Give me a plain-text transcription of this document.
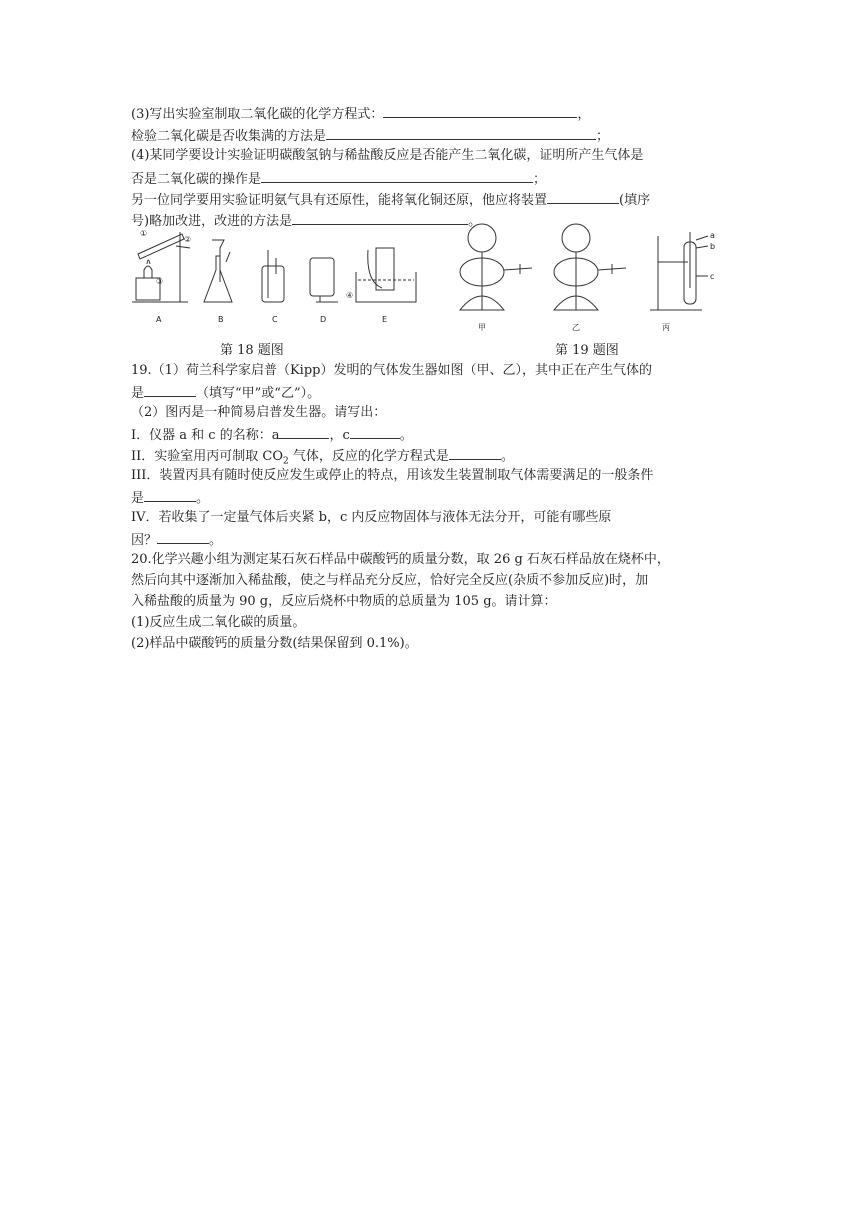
(3)写出实验室制取二氧化碳的化学方程式：	，
检验二氧化碳是否收集满的方法是	；
(4)某同学要设计实验证明碳酸氢钠与稀盐酸反应是否能产生二氧化碳，证明所产生气体是
否是二氧化碳的操作是	；
另一位同学要用实验证明氨气具有还原性，能将氧化铜还原，他应将装置	(填序
号)略加改进，改进的方法是	。
①
②
③
④
A	B	C	D	E
a
b
c
甲	乙	丙
第 18 题图	第 19 题图
19.（1）荷兰科学家启普（Kipp）发明的气体发生器如图（甲、乙），其中正在产生气体的
是	（填写“甲”或“乙”）。
（2）图丙是一种简易启普发生器。请写出：
I．仪器 a 和 c 的名称：a	，c	。
II．实验室用丙可制取 $CO_2$ 气体，反应的化学方程式是	。
III．装置丙具有随时使反应发生或停止的特点，用该发生装置制取气体需要满足的一般条件
是	。
IV．若收集了一定量气体后夹紧 b，c 内反应物固体与液体无法分开，可能有哪些原
因？	。
20.化学兴趣小组为测定某石灰石样品中碳酸钙的质量分数，取 26 g 石灰石样品放在烧杯中，
然后向其中逐渐加入稀盐酸，使之与样品充分反应，恰好完全反应(杂质不参加反应)时，加
入稀盐酸的质量为 90 g，反应后烧杯中物质的总质量为 105 g。请计算：
(1)反应生成二氧化碳的质量。
(2)样品中碳酸钙的质量分数(结果保留到 0.1%)。
